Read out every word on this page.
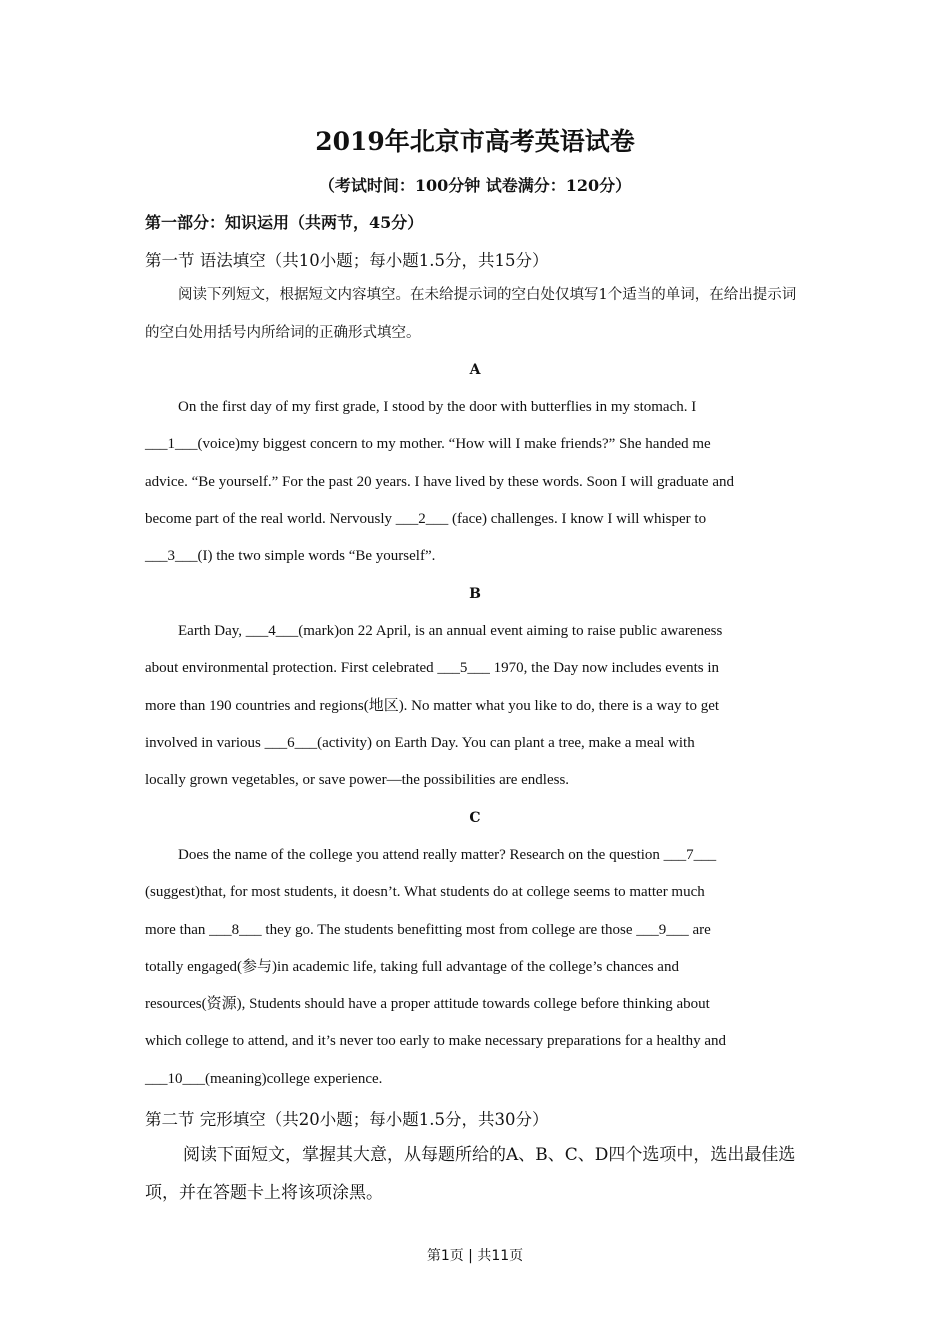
2019年北京市高考英语试卷
（考试时间：100分钟 试卷满分：120分）
第一部分：知识运用（共两节，45分）
第一节 语法填空（共10小题；每小题1.5分，共15分）

阅读下列短文，根据短文内容填空。在未给提示词的空白处仅填写1个适当的单词，在给出提示词的空白处用括号内所给词的正确形式填空。

A
On the first day of my first grade, I stood by the door with butterflies in my stomach. I
___1___(voice)my biggest concern to my mother. “How will I make friends?” She handed me
advice. “Be yourself.” For the past 20 years. I have lived by these words. Soon I will graduate and
become part of the real world. Nervously ___2___ (face) challenges. I know I will whisper to
___3___(I) the two simple words “Be yourself”.
B
Earth Day, ___4___(mark)on 22 April, is an annual event aiming to raise public awareness
about environmental protection. First celebrated ___5___ 1970, the Day now includes events in
more than 190 countries and regions(地区). No matter what you like to do, there is a way to get
involved in various ___6___(activity) on Earth Day. You can plant a tree, make a meal with
locally grown vegetables, or save power—the possibilities are endless.
C
Does the name of the college you attend really matter? Research on the question ___7___
(suggest)that, for most students, it doesn’t. What students do at college seems to matter much
more than ___8___ they go. The students benefitting most from college are those ___9___ are
totally engaged(参与)in academic life, taking full advantage of the college’s chances and
resources(资源), Students should have a proper attitude towards college before thinking about
which college to attend, and it’s never too early to make necessary preparations for a healthy and
___10___(meaning)college experience.
第二节 完形填空（共20小题；每小题1.5分，共30分）

阅读下面短文，掌握其大意，从每题所给的A、B、C、D四个选项中，选出最佳选项，并在答题卡上将该项涂黑。

第1页 | 共11页
